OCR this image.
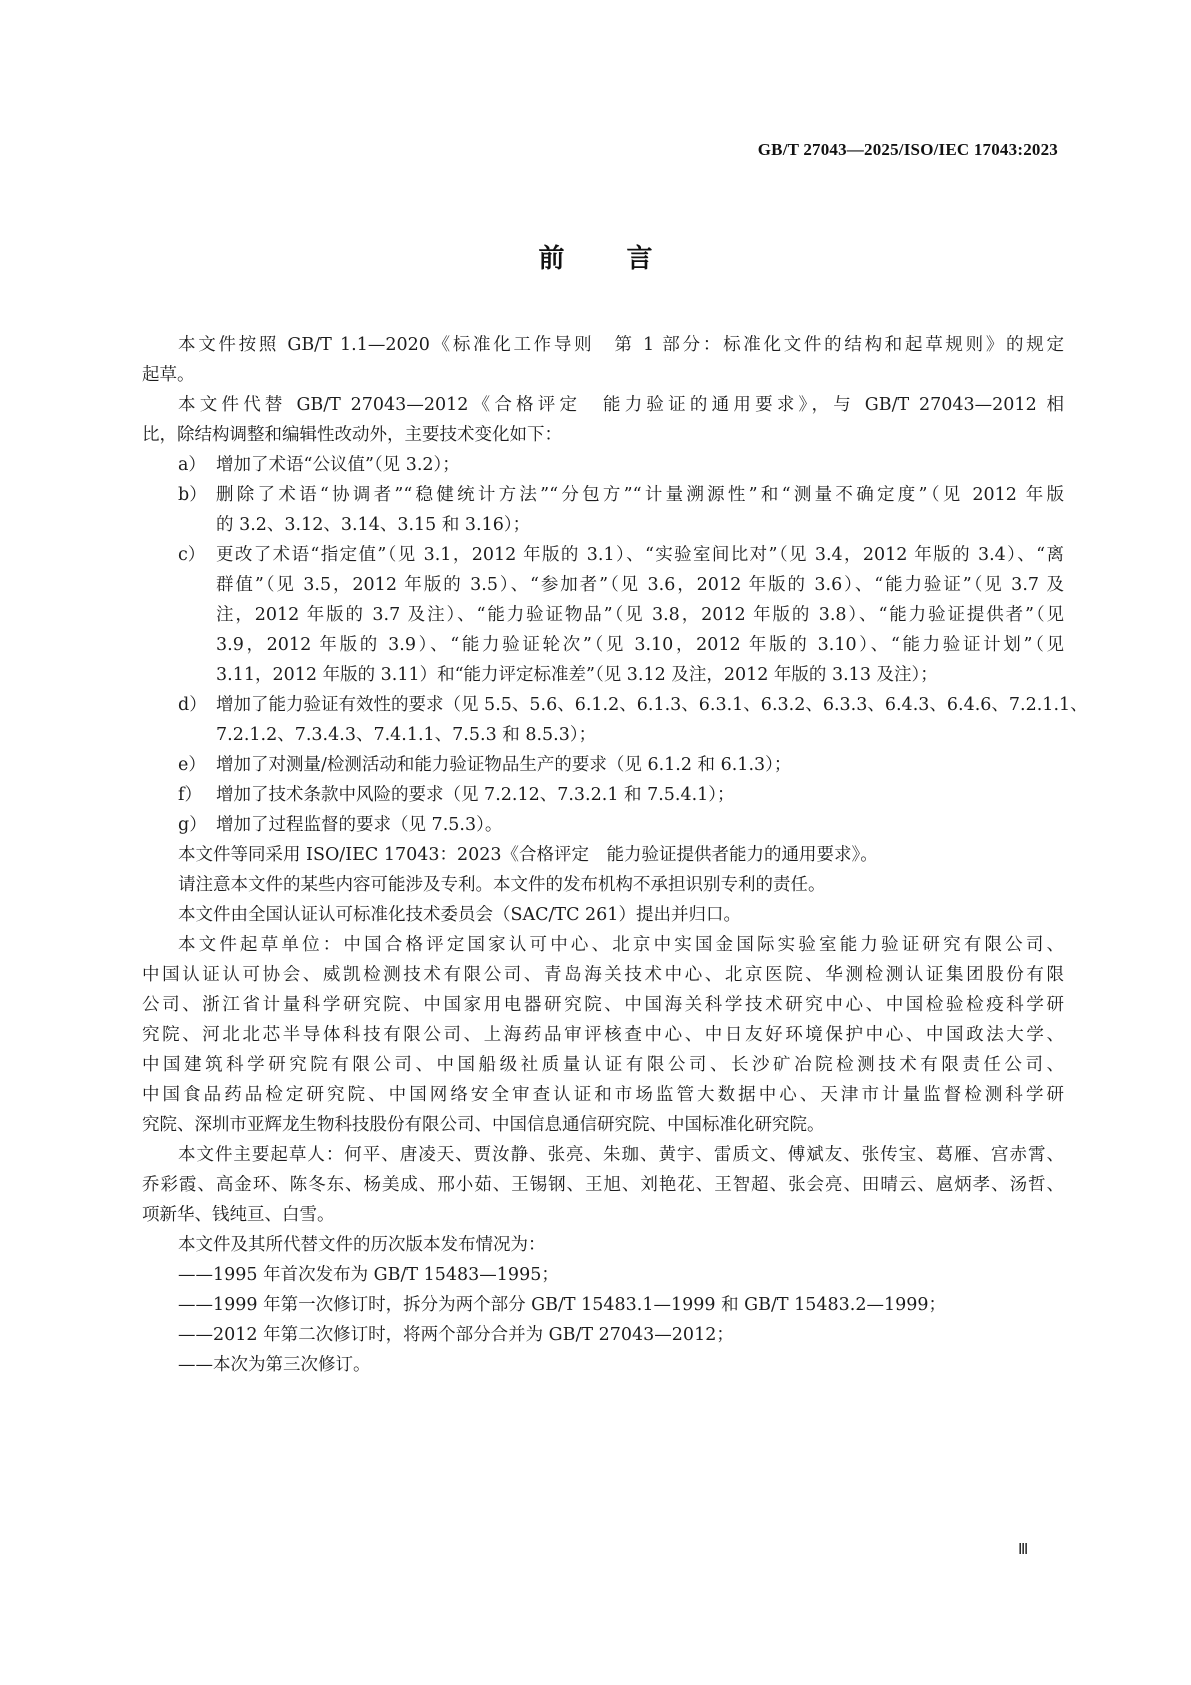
GB/T 27043—2025/ISO/IEC 17043:2023
前 言
本文件按照 GB/T 1.1—2020《标准化工作导则　第 1 部分：标准化文件的结构和起草规则》的规定
起草。
本文件代替 GB/T 27043—2012《合格评定　能力验证的通用要求》，与 GB/T 27043—2012 相
比，除结构调整和编辑性改动外，主要技术变化如下：
a） 增加了术语“公议值”（见 3.2）；
b） 删除了术语“协调者”“稳健统计方法”“分包方”“计量溯源性”和“测量不确定度”（见 2012 年版
的 3.2、3.12、3.14、3.15 和 3.16）；
c） 更改了术语“指定值”（见 3.1，2012 年版的 3.1）、“实验室间比对”（见 3.4，2012 年版的 3.4）、“离
群值”（见 3.5，2012 年版的 3.5）、“参加者”（见 3.6，2012 年版的 3.6）、“能力验证”（见 3.7 及
注，2012 年版的 3.7 及注）、“能力验证物品”（见 3.8，2012 年版的 3.8）、“能力验证提供者”（见
3.9，2012 年版的 3.9）、“能力验证轮次”（见 3.10，2012 年版的 3.10）、“能力验证计划”（见
3.11，2012 年版的 3.11）和“能力评定标准差”（见 3.12 及注，2012 年版的 3.13 及注）；
d） 增加了能力验证有效性的要求（见 5.5、5.6、6.1.2、6.1.3、6.3.1、6.3.2、6.3.3、6.4.3、6.4.6、7.2.1.1、
7.2.1.2、7.3.4.3、7.4.1.1、7.5.3 和 8.5.3）；
e） 增加了对测量/检测活动和能力验证物品生产的要求（见 6.1.2 和 6.1.3）；
f） 增加了技术条款中风险的要求（见 7.2.12、7.3.2.1 和 7.5.4.1）；
g） 增加了过程监督的要求（见 7.5.3）。
本文件等同采用 ISO/IEC 17043：2023《合格评定　能力验证提供者能力的通用要求》。
请注意本文件的某些内容可能涉及专利。本文件的发布机构不承担识别专利的责任。
本文件由全国认证认可标准化技术委员会（SAC/TC 261）提出并归口。
本文件起草单位：中国合格评定国家认可中心、北京中实国金国际实验室能力验证研究有限公司、
中国认证认可协会、威凯检测技术有限公司、青岛海关技术中心、北京医院、华测检测认证集团股份有限
公司、浙江省计量科学研究院、中国家用电器研究院、中国海关科学技术研究中心、中国检验检疫科学研
究院、河北北芯半导体科技有限公司、上海药品审评核查中心、中日友好环境保护中心、中国政法大学、
中国建筑科学研究院有限公司、中国船级社质量认证有限公司、长沙矿冶院检测技术有限责任公司、
中国食品药品检定研究院、中国网络安全审查认证和市场监管大数据中心、天津市计量监督检测科学研
究院、深圳市亚辉龙生物科技股份有限公司、中国信息通信研究院、中国标准化研究院。
本文件主要起草人：何平、唐凌天、贾汝静、张亮、朱珈、黄宇、雷质文、傅斌友、张传宝、葛雁、宫赤霄、
乔彩霞、高金环、陈冬东、杨美成、邢小茹、王锡钢、王旭、刘艳花、王智超、张会亮、田晴云、扈炳孝、汤哲、
项新华、钱纯亘、白雪。
本文件及其所代替文件的历次版本发布情况为：
——1995 年首次发布为 GB/T 15483—1995；
——1999 年第一次修订时，拆分为两个部分 GB/T 15483.1—1999 和 GB/T 15483.2—1999；
——2012 年第二次修订时，将两个部分合并为 GB/T 27043—2012；
——本次为第三次修订。
Ⅲ
